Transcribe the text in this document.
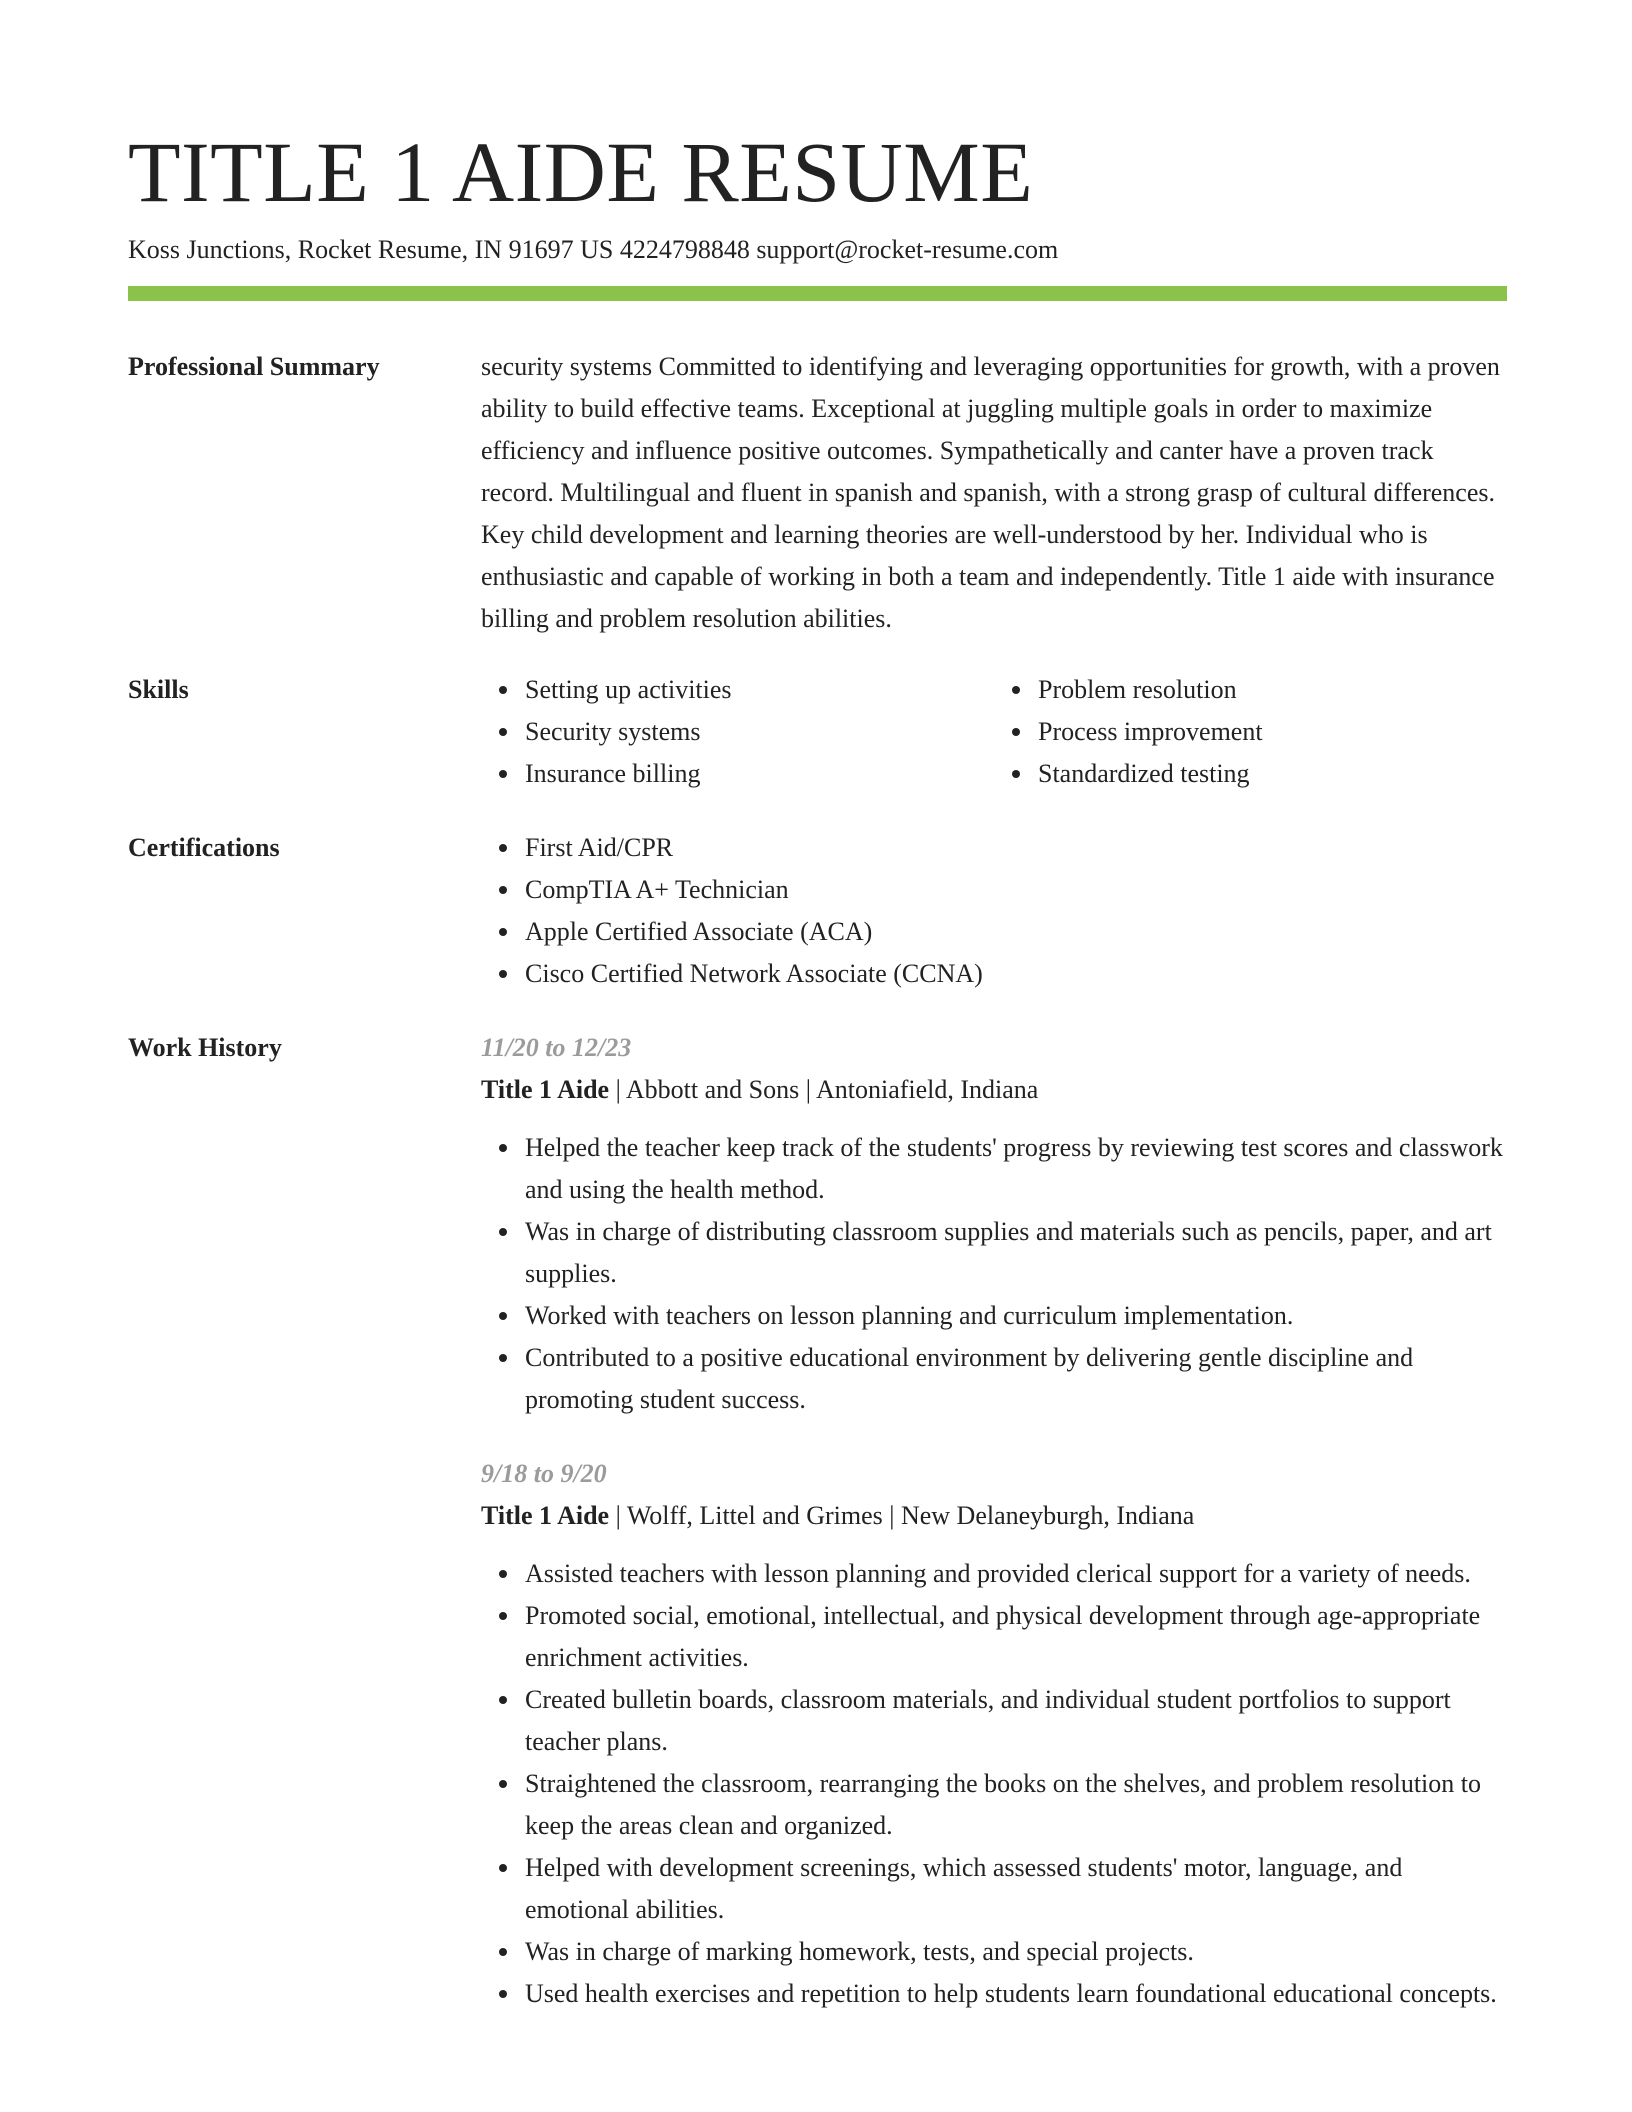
TITLE 1 AIDE RESUME
Koss Junctions, Rocket Resume, IN 91697 US 4224798848 support@rocket-resume.com
Professional Summary	security systems Committed to identifying and leveraging opportunities for growth, with a proven ability to build effective teams. Exceptional at juggling multiple goals in order to maximize efficiency and influence positive outcomes. Sympathetically and canter have a proven track record. Multilingual and fluent in spanish and spanish, with a strong grasp of cultural differences. Key child development and learning theories are well-understood by her. Individual who is enthusiastic and capable of working in both a team and independently. Title 1 aide with insurance billing and problem resolution abilities.

Skills	Setting up activities
Security systems
Insurance billing
Problem resolution
Process improvement
Standardized testing
Certifications	First Aid/CPR
CompTIA A+ Technician
Apple Certified Associate (ACA)
Cisco Certified Network Associate (CCNA)
Work History	11/20 to 12/23

Title 1 Aide | Abbott and Sons | Antoniafield, Indiana

Helped the teacher keep track of the students' progress by reviewing test scores and classwork and using the health method.
Was in charge of distributing classroom supplies and materials such as pencils, paper, and art supplies.
Worked with teachers on lesson planning and curriculum implementation.
Contributed to a positive educational environment by delivering gentle discipline and promoting student success.

9/18 to 9/20

Title 1 Aide | Wolff, Littel and Grimes | New Delaneyburgh, Indiana

Assisted teachers with lesson planning and provided clerical support for a variety of needs.
Promoted social, emotional, intellectual, and physical development through age-appropriate enrichment activities.
Created bulletin boards, classroom materials, and individual student portfolios to support teacher plans.
Straightened the classroom, rearranging the books on the shelves, and problem resolution to keep the areas clean and organized.
Helped with development screenings, which assessed students' motor, language, and emotional abilities.
Was in charge of marking homework, tests, and special projects.
Used health exercises and repetition to help students learn foundational educational concepts.
